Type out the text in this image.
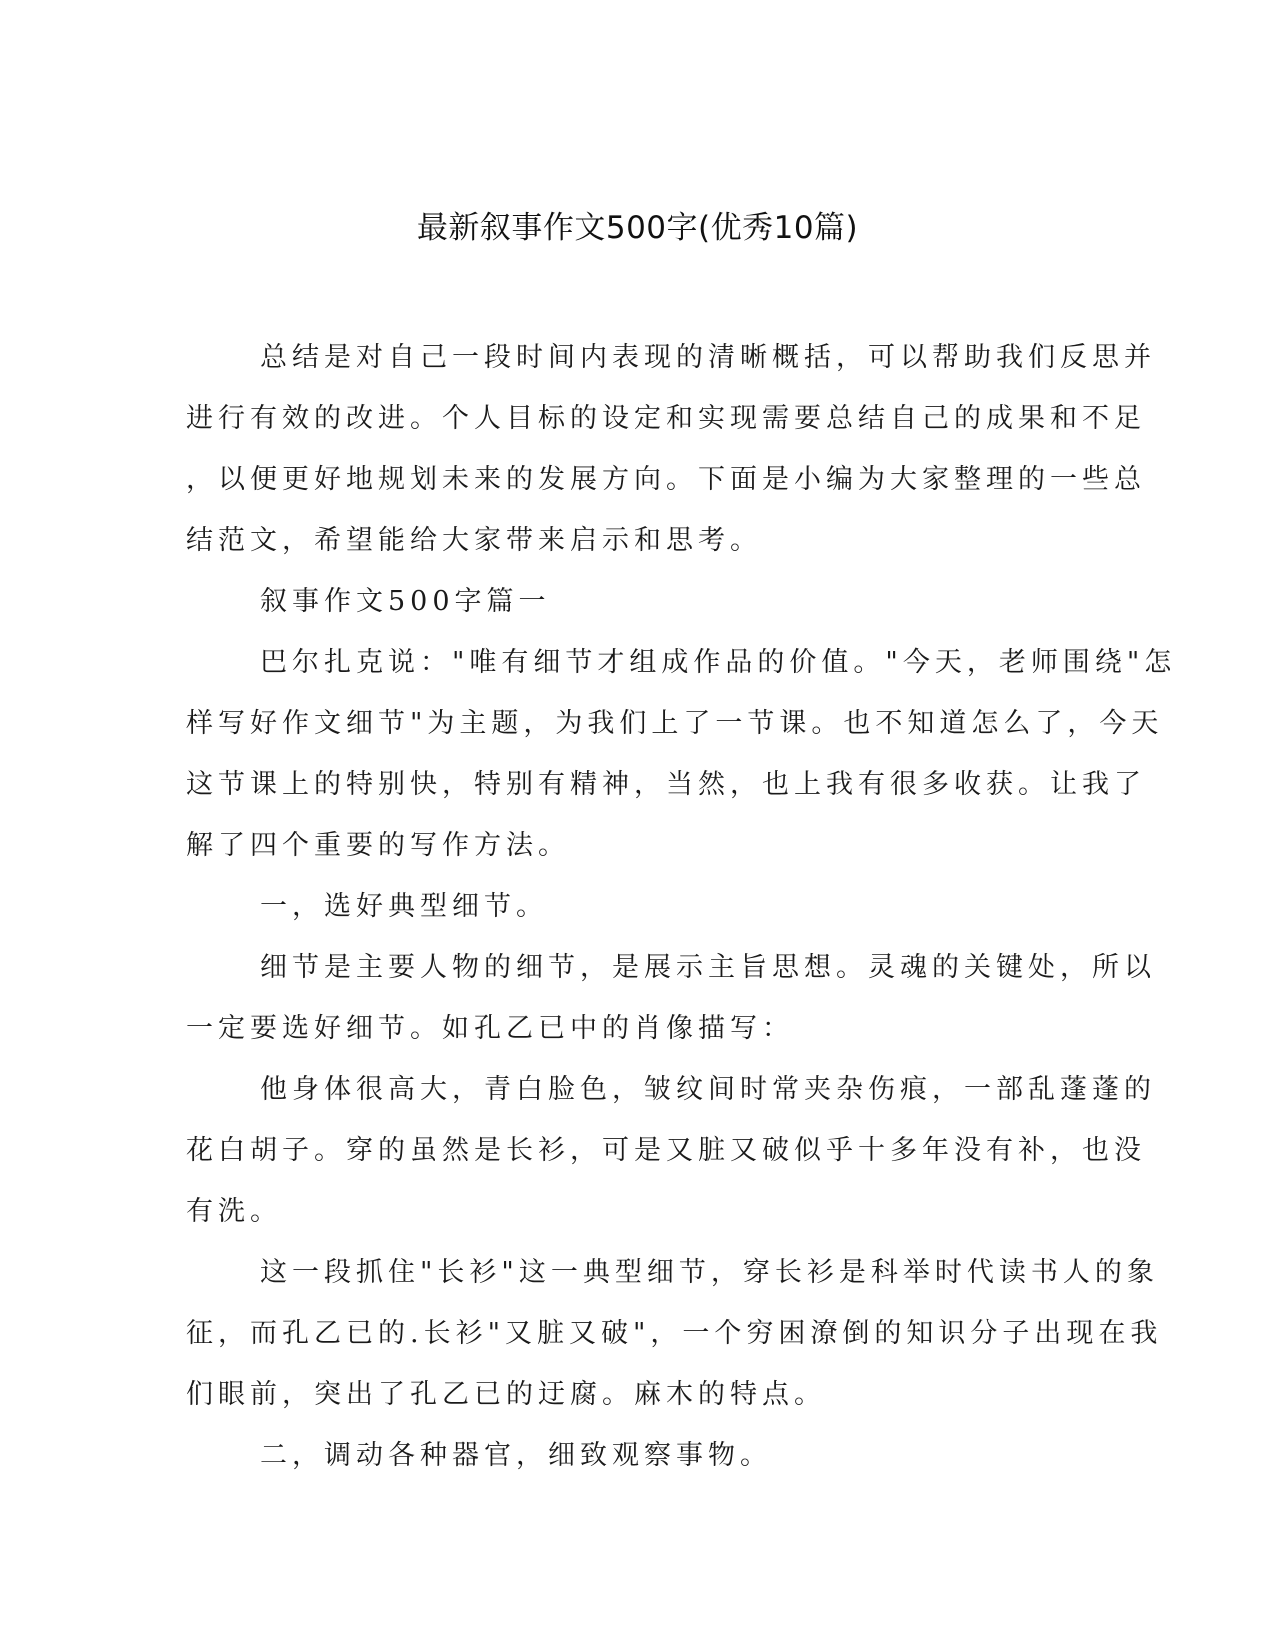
最新叙事作文500字(优秀10篇)
总结是对自己一段时间内表现的清晰概括，可以帮助我们反思并
进行有效的改进。个人目标的设定和实现需要总结自己的成果和不足
，以便更好地规划未来的发展方向。下面是小编为大家整理的一些总
结范文，希望能给大家带来启示和思考。
叙事作文500字篇一
巴尔扎克说："唯有细节才组成作品的价值。"今天，老师围绕"怎
样写好作文细节"为主题，为我们上了一节课。也不知道怎么了，今天
这节课上的特别快，特别有精神，当然，也上我有很多收获。让我了
解了四个重要的写作方法。
一，选好典型细节。
细节是主要人物的细节，是展示主旨思想。灵魂的关键处，所以
一定要选好细节。如孔乙已中的肖像描写：
他身体很高大，青白脸色，皱纹间时常夹杂伤痕，一部乱蓬蓬的
花白胡子。穿的虽然是长衫，可是又脏又破似乎十多年没有补，也没
有洗。
这一段抓住"长衫"这一典型细节，穿长衫是科举时代读书人的象
征，而孔乙已的.长衫"又脏又破"，一个穷困潦倒的知识分子出现在我
们眼前，突出了孔乙已的迂腐。麻木的特点。
二，调动各种器官，细致观察事物。
